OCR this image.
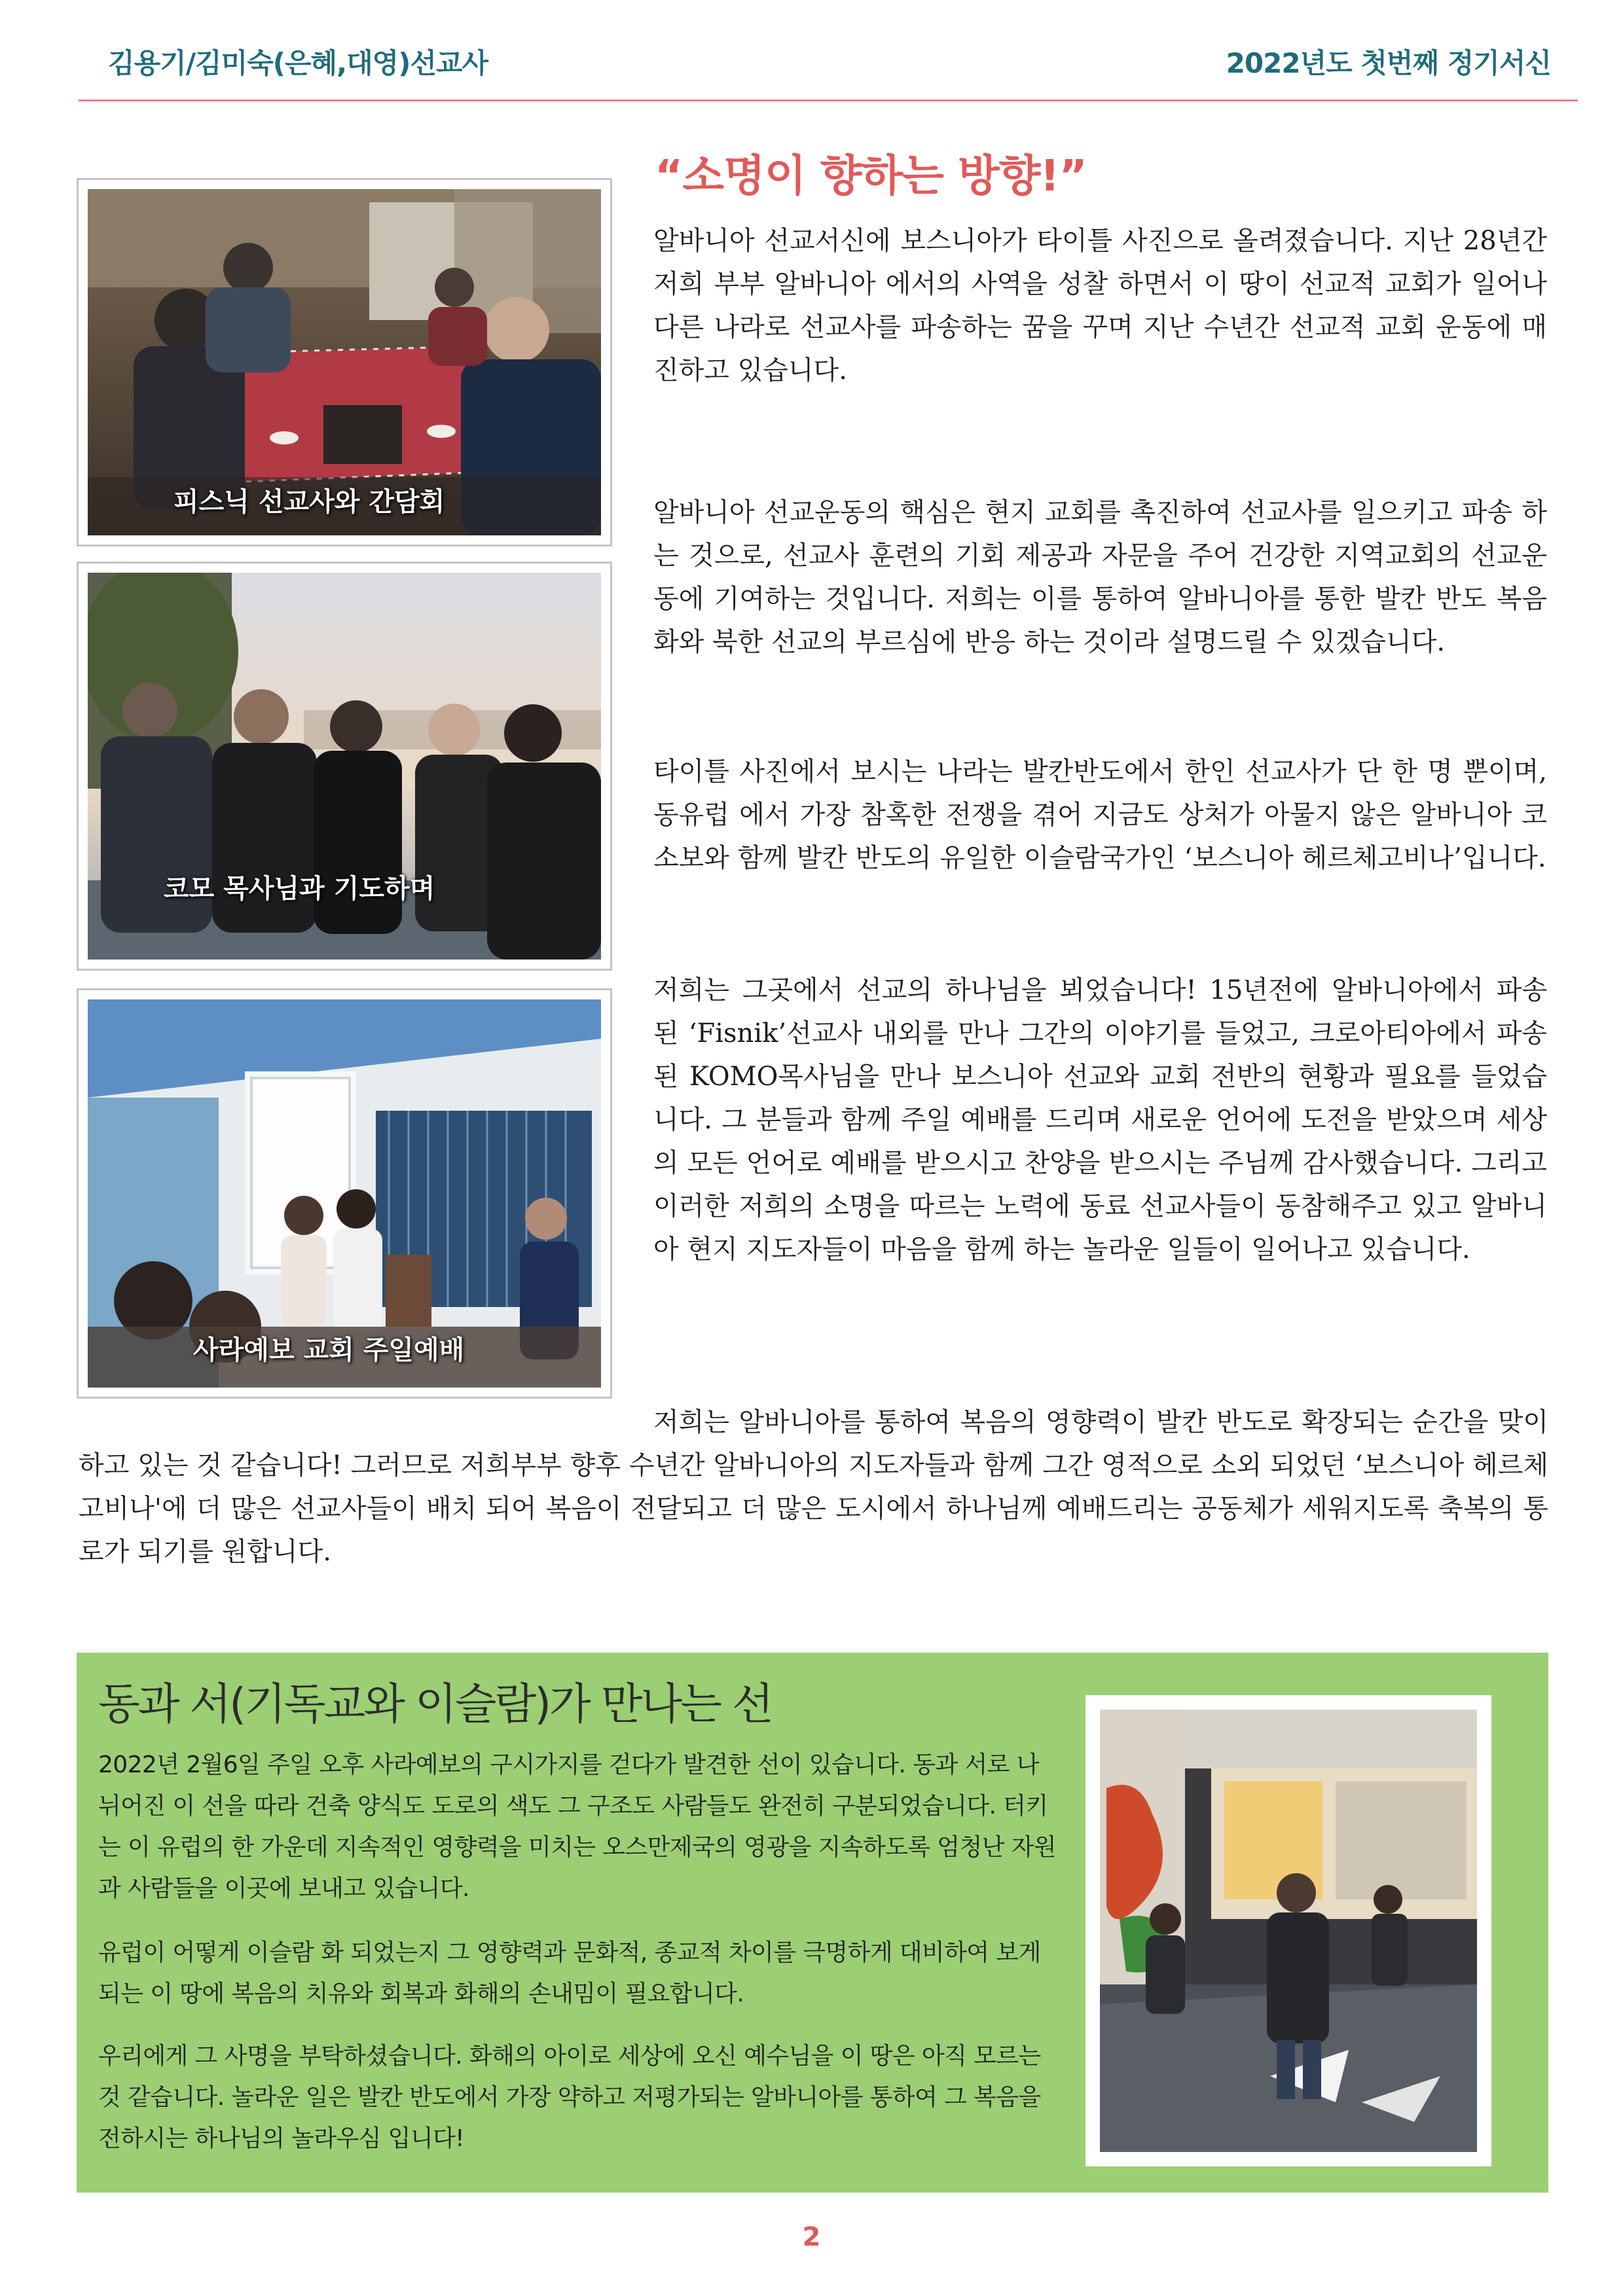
김용기/김미숙(은혜,대영)선교사	2022년도 첫번째 정기서신
피스닉 선교사와 간담회
코모 목사님과 기도하며
사라예보 교회 주일예배
“소명이 향하는 방향!”

알바니아 선교서신에 보스니아가 타이틀 사진으로 올려졌습니다. 지난 28년간 저희 부부 알바니아 에서의 사역을 성찰 하면서 이 땅이 선교적 교회가 일어나 다른 나라로 선교사를 파송하는 꿈을 꾸며 지난 수년간 선교적 교회 운동에 매진하고 있습니다.

알바니아 선교운동의 핵심은 현지 교회를 촉진하여 선교사를 일으키고 파송 하는 것으로, 선교사 훈련의 기회 제공과 자문을 주어 건강한 지역교회의 선교운동에 기여하는 것입니다. 저희는 이를 통하여 알바니아를 통한 발칸 반도 복음화와 북한 선교의 부르심에 반응 하는 것이라 설명드릴 수 있겠습니다.

타이틀 사진에서 보시는 나라는 발칸반도에서 한인 선교사가 단 한 명 뿐이며, 동유럽 에서 가장 참혹한 전쟁을 겪어 지금도 상처가 아물지 않은 알바니아 코소보와 함께 발칸 반도의 유일한 이슬람국가인 ‘보스니아 헤르체고비나’입니다.

저희는 그곳에서 선교의 하나님을 뵈었습니다! 15년전에 알바니아에서 파송 된 ‘Fisnik’선교사 내외를 만나 그간의 이야기를 들었고, 크로아티아에서 파송 된 KOMO목사님을 만나 보스니아 선교와 교회 전반의 현황과 필요를 들었습니다. 그 분들과 함께 주일 예배를 드리며 새로운 언어에 도전을 받았으며 세상의 모든 언어로 예배를 받으시고 찬양을 받으시는 주님께 감사했습니다. 그리고 이러한 저희의 소명을 따르는 노력에 동료 선교사들이 동참해주고 있고 알바니아 현지 지도자들이 마음을 함께 하는 놀라운 일들이 일어나고 있습니다.

저희는 알바니아를 통하여 복음의 영향력이 발칸 반도로 확장되는 순간을 맞이하고 있는 것 같습니다! 그러므로 저희부부 향후 수년간 알바니아의 지도자들과 함께 그간 영적으로 소외 되었던 ‘보스니아 헤르체고비나'에 더 많은 선교사들이 배치 되어 복음이 전달되고 더 많은 도시에서 하나님께 예배드리는 공동체가 세워지도록 축복의 통로가 되기를 원합니다.

동과 서(기독교와 이슬람)가 만나는 선

2022년 2월6일 주일 오후 사라예보의 구시가지를 걷다가 발견한 선이 있습니다. 동과 서로 나뉘어진 이 선을 따라 건축 양식도 도로의 색도 그 구조도 사람들도 완전히 구분되었습니다. 터키는 이 유럽의 한 가운데 지속적인 영향력을 미치는 오스만제국의 영광을 지속하도록 엄청난 자원과 사람들을 이곳에 보내고 있습니다.

유럽이 어떻게 이슬람 화 되었는지 그 영향력과 문화적, 종교적 차이를 극명하게 대비하여 보게 되는 이 땅에 복음의 치유와 회복과 화해의 손내밈이 필요합니다.

우리에게 그 사명을 부탁하셨습니다. 화해의 아이로 세상에 오신 예수님을 이 땅은 아직 모르는 것 같습니다. 놀라운 일은 발칸 반도에서 가장 약하고 저평가되는 알바니아를 통하여 그 복음을 전하시는 하나님의 놀라우심 입니다!

2
